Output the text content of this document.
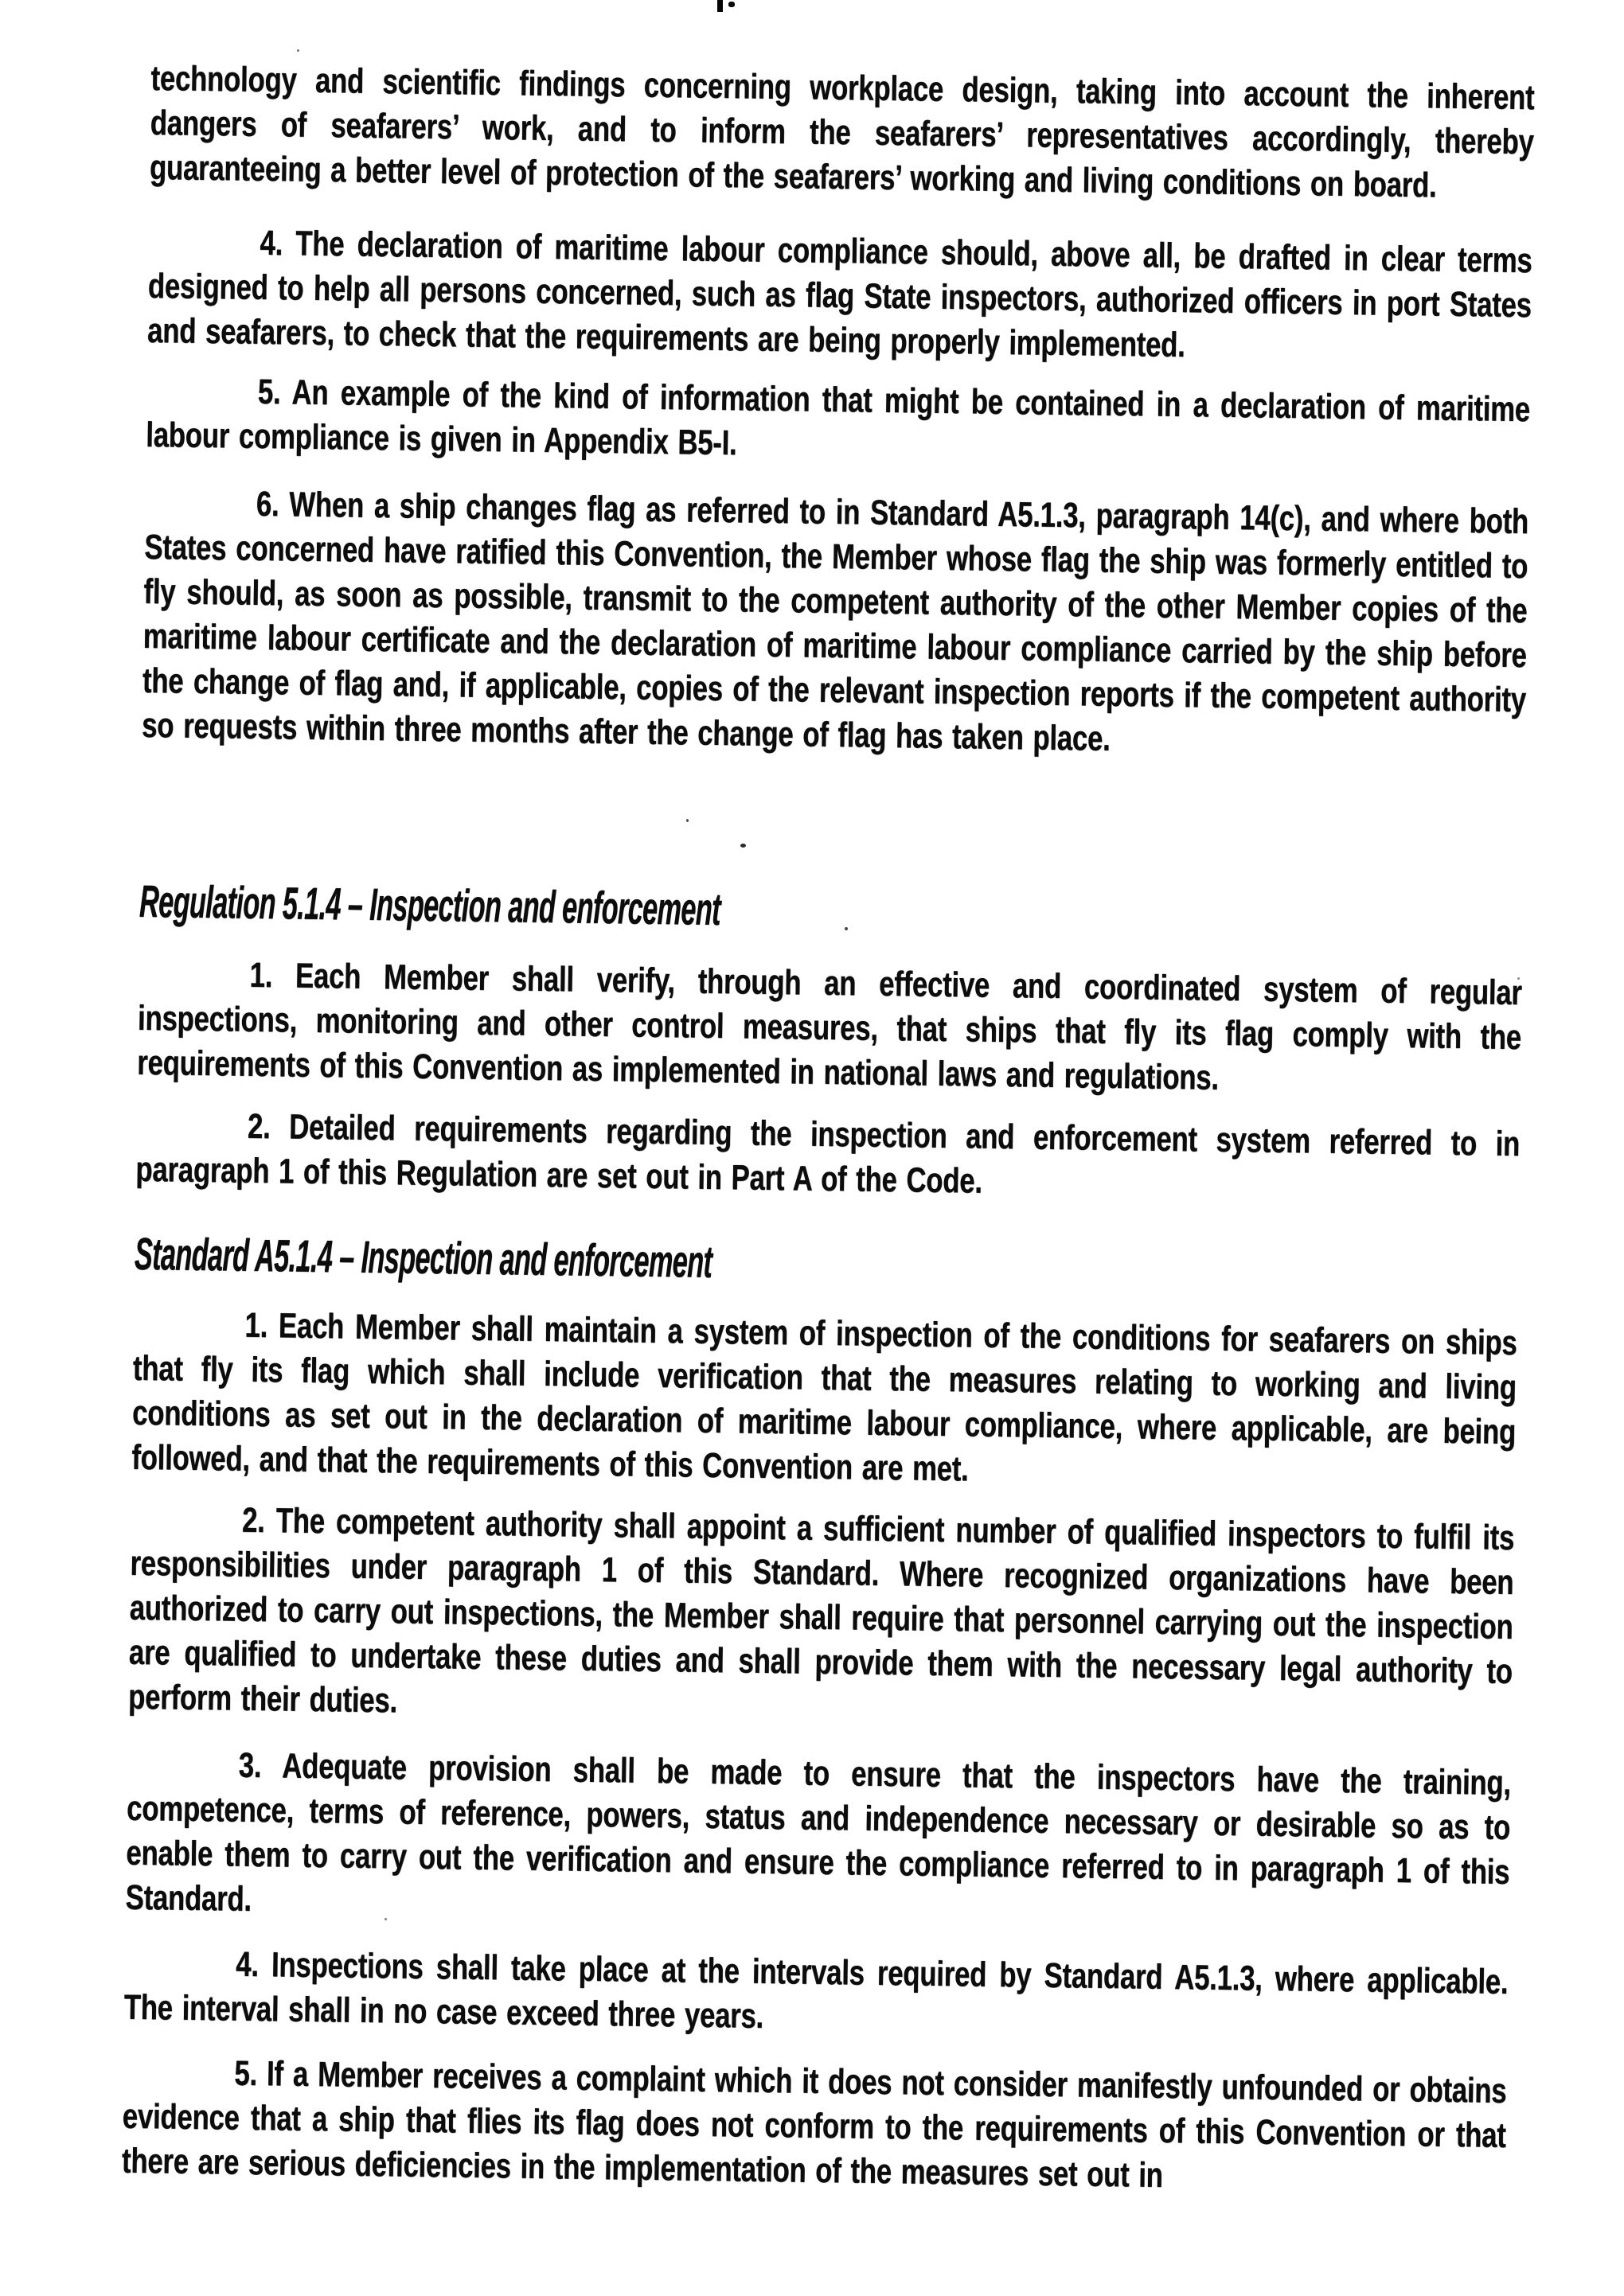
technology and scientific findings concerning workplace design, taking into account the inherent dangers of seafarers’ work, and to inform the seafarers’ representatives accordingly, thereby guaranteeing a better level of protection of the seafarers’ working and living conditions on board.

4. The declaration of maritime labour compliance should, above all, be drafted in clear terms designed to help all persons concerned, such as flag State inspectors, authorized officers in port States and seafarers, to check that the requirements are being properly implemented.

5. An example of the kind of information that might be contained in a declaration of maritime labour compliance is given in Appendix B5-I.

6. When a ship changes flag as referred to in Standard A5.1.3, paragraph 14(c), and where both States concerned have ratified this Convention, the Member whose flag the ship was formerly entitled to fly should, as soon as possible, transmit to the competent authority of the other Member copies of the maritime labour certificate and the declaration of maritime labour compliance carried by the ship before the change of flag and, if applicable, copies of the relevant inspection reports if the competent authority so requests within three months after the change of flag has taken place.

Regulation 5.1.4 – Inspection and enforcement

1. Each Member shall verify, through an effective and coordinated system of regular inspections, monitoring and other control measures, that ships that fly its flag comply with the requirements of this Convention as implemented in national laws and regulations.

2. Detailed requirements regarding the inspection and enforcement system referred to in paragraph 1 of this Regulation are set out in Part A of the Code.

Standard A5.1.4 – Inspection and enforcement

1. Each Member shall maintain a system of inspection of the conditions for seafarers on ships that fly its flag which shall include verification that the measures relating to working and living conditions as set out in the declaration of maritime labour compliance, where applicable, are being followed, and that the requirements of this Convention are met.

2. The competent authority shall appoint a sufficient number of qualified inspectors to fulfil its responsibilities under paragraph 1 of this Standard. Where recognized organizations have been authorized to carry out inspections, the Member shall require that personnel carrying out the inspection are qualified to undertake these duties and shall provide them with the necessary legal authority to perform their duties.

3. Adequate provision shall be made to ensure that the inspectors have the training, competence, terms of reference, powers, status and independence necessary or desirable so as to enable them to carry out the verification and ensure the compliance referred to in paragraph 1 of this Standard.

4. Inspections shall take place at the intervals required by Standard A5.1.3, where applicable. The interval shall in no case exceed three years.

5. If a Member receives a complaint which it does not consider manifestly unfounded or obtains evidence that a ship that flies its flag does not conform to the requirements of this Convention or that there are serious deficiencies in the implementation of the measures set out in
